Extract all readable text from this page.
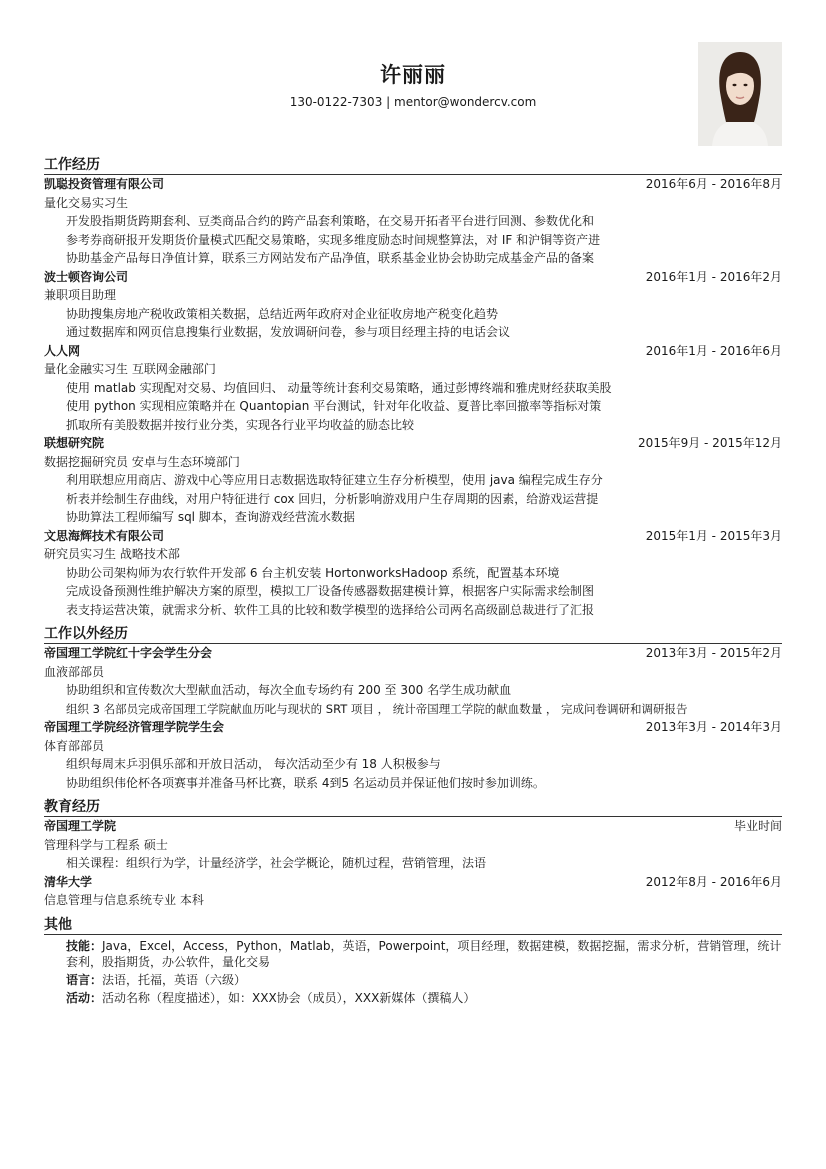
许丽丽
130-0122-7303 | mentor@wondercv.com
工作经历
凯聪投资管理有限公司	2016年6月 - 2016年8月
量化交易实习生
• 开发股指期货跨期套利、豆类商品合约的跨产品套利策略，在交易开拓者平台进行回测、参数优化和
• 参考券商研报开发期货价量模式匹配交易策略，实现多维度励态时间规整算法，对 IF 和沪铜等资产进
• 协助基金产品每日净值计算，联系三方网站发布产品净值，联系基金业协会协助完成基金产品的备案
波士顿咨询公司	2016年1月 - 2016年2月
兼职项目助理
• 协助搜集房地产税收政策相关数据，总结近两年政府对企业征收房地产税变化趋势
• 通过数据库和网页信息搜集行业数据，发放调研问卷，参与项目经理主持的电话会议
人人网	2016年1月 - 2016年6月
量化金融实习生 互联网金融部门
• 使用 matlab 实现配对交易、均值回归、 动量等统计套利交易策略，通过彭博终端和雅虎财经获取美股
• 使用 python 实现相应策略并在 Quantopian 平台测试，针对年化收益、夏普比率回撤率等指标对策
• 抓取所有美股数据并按行业分类，实现各行业平均收益的励态比较
联想研究院	2015年9月 - 2015年12月
数据挖掘研究员 安卓与生态环境部门
• 利用联想应用商店、游戏中心等应用日志数据选取特征建立生存分析模型，使用 java 编程完成生存分
• 析表并绘制生存曲线，对用户特征进行 cox 回归，分析影响游戏用户生存周期的因素，给游戏运营提
• 协助算法工程师编写 sql 脚本，查询游戏经营流水数据
文思海辉技术有限公司	2015年1月 - 2015年3月
研究员实习生 战略技术部
• 协助公司架构师为农行软件开发部 6 台主机安装 HortonworksHadoop 系统，配置基本环境
• 完成设备预测性维护解决方案的原型，模拟工厂设备传感器数据建模计算，根据客户实际需求绘制图
• 表支持运营决策，就需求分析、软件工具的比较和数学模型的选择给公司两名高级副总裁进行了汇报
工作以外经历
帝国理工学院红十字会学生分会	2013年3月 - 2015年2月
血液部部员
• 协助组织和宣传数次大型献血活动，每次全血专场约有 200 至 300 名学生成功献血
• 组织 3 名部员完成帝国理工学院献血历叱与现状的 SRT 项目 ， 统计帝国理工学院的献血数量 ， 完成问卷调研和调研报告
帝国理工学院经济管理学院学生会	2013年3月 - 2014年3月
体育部部员
• 组织每周末乒羽俱乐部和开放日活动， 每次活动至少有 18 人积极参与
• 协助组织伟伦杯各项赛事并准备马杯比赛，联系 4到5 名运动员并保证他们按时参加训练。
教育经历
帝国理工学院	毕业时间
管理科学与工程系 硕士
• 相关课程：组织行为学，计量经济学，社会学概论，随机过程，营销管理，法语
清华大学	2012年8月 - 2016年6月
信息管理与信息系统专业 本科
其他
• 技能：Java，Excel，Access，Python，Matlab，英语，Powerpoint，项目经理，数据建模，数据挖掘，需求分析，营销管理，统计套利，股指期货，办公软件，量化交易
• 语言：法语，托福，英语（六级）
• 活动：活动名称（程度描述），如：XXX协会（成员），XXX新媒体（撰稿人）
